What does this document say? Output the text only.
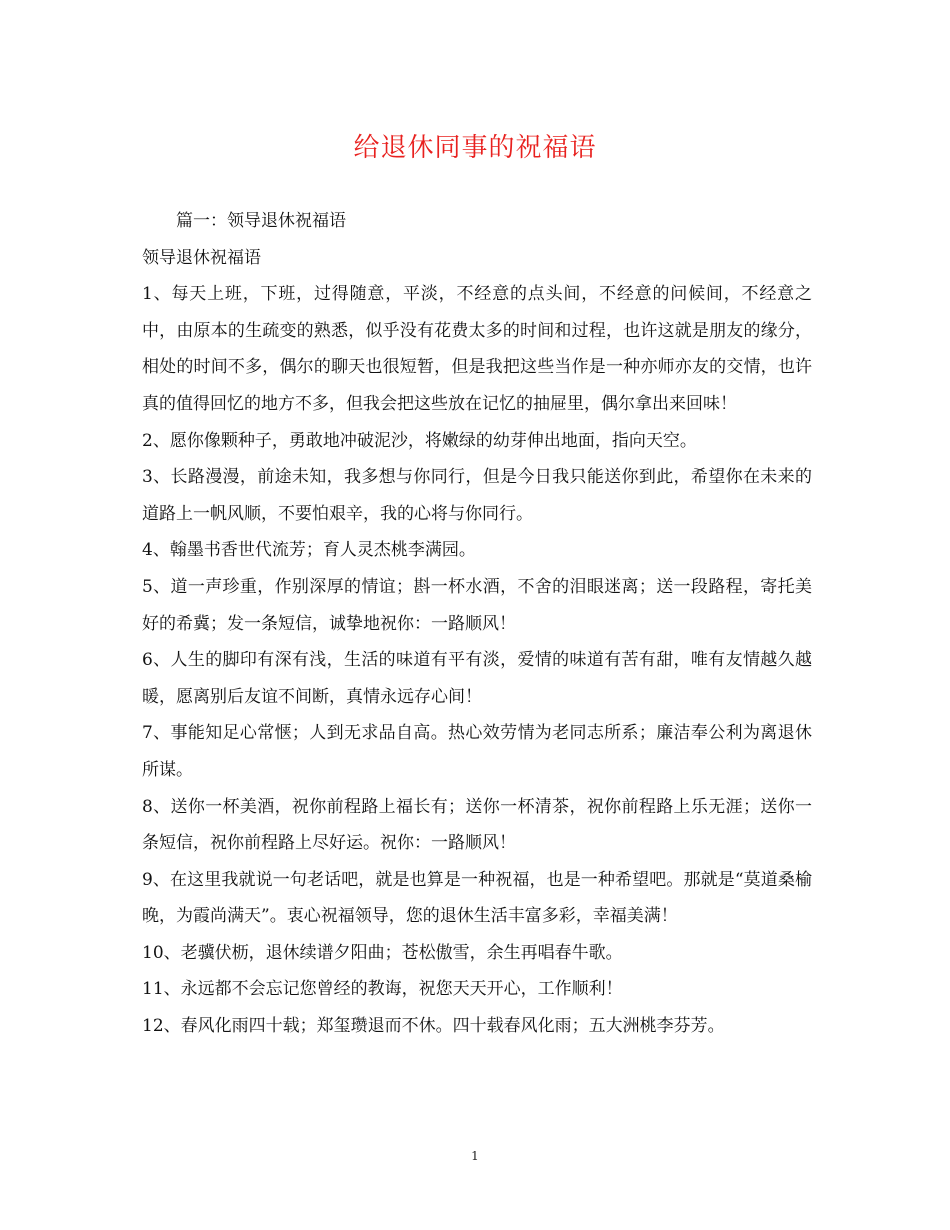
给退休同事的祝福语

篇一：领导退休祝福语

领导退休祝福语

1、每天上班，下班，过得随意，平淡，不经意的点头间，不经意的问候间，不经意之中，由原本的生疏变的熟悉，似乎没有花费太多的时间和过程，也许这就是朋友的缘分，相处的时间不多，偶尔的聊天也很短暂，但是我把这些当作是一种亦师亦友的交情，也许真的值得回忆的地方不多，但我会把这些放在记忆的抽屉里，偶尔拿出来回味！

2、愿你像颗种子，勇敢地冲破泥沙，将嫩绿的幼芽伸出地面，指向天空。

3、长路漫漫，前途未知，我多想与你同行，但是今日我只能送你到此，希望你在未来的道路上一帆风顺，不要怕艰辛，我的心将与你同行。

4、翰墨书香世代流芳；育人灵杰桃李满园。

5、道一声珍重，作别深厚的情谊；斟一杯水酒，不舍的泪眼迷离；送一段路程，寄托美好的希冀；发一条短信，诚挚地祝你：一路顺风！

6、人生的脚印有深有浅，生活的味道有平有淡，爱情的味道有苦有甜，唯有友情越久越暖，愿离别后友谊不间断，真情永远存心间！

7、事能知足心常惬；人到无求品自高。热心效劳情为老同志所系；廉洁奉公利为离退休所谋。

8、送你一杯美酒，祝你前程路上福长有；送你一杯清茶，祝你前程路上乐无涯；送你一条短信，祝你前程路上尽好运。祝你：一路顺风！

9、在这里我就说一句老话吧，就是也算是一种祝福，也是一种希望吧。那就是“莫道桑榆晚，为霞尚满天”。衷心祝福领导，您的退休生活丰富多彩，幸福美满！

10、老骥伏枥，退休续谱夕阳曲；苍松傲雪，余生再唱春牛歌。

11、永远都不会忘记您曾经的教诲，祝您天天开心，工作顺利！

12、春风化雨四十载；郑玺瓒退而不休。四十载春风化雨；五大洲桃李芬芳。

1
